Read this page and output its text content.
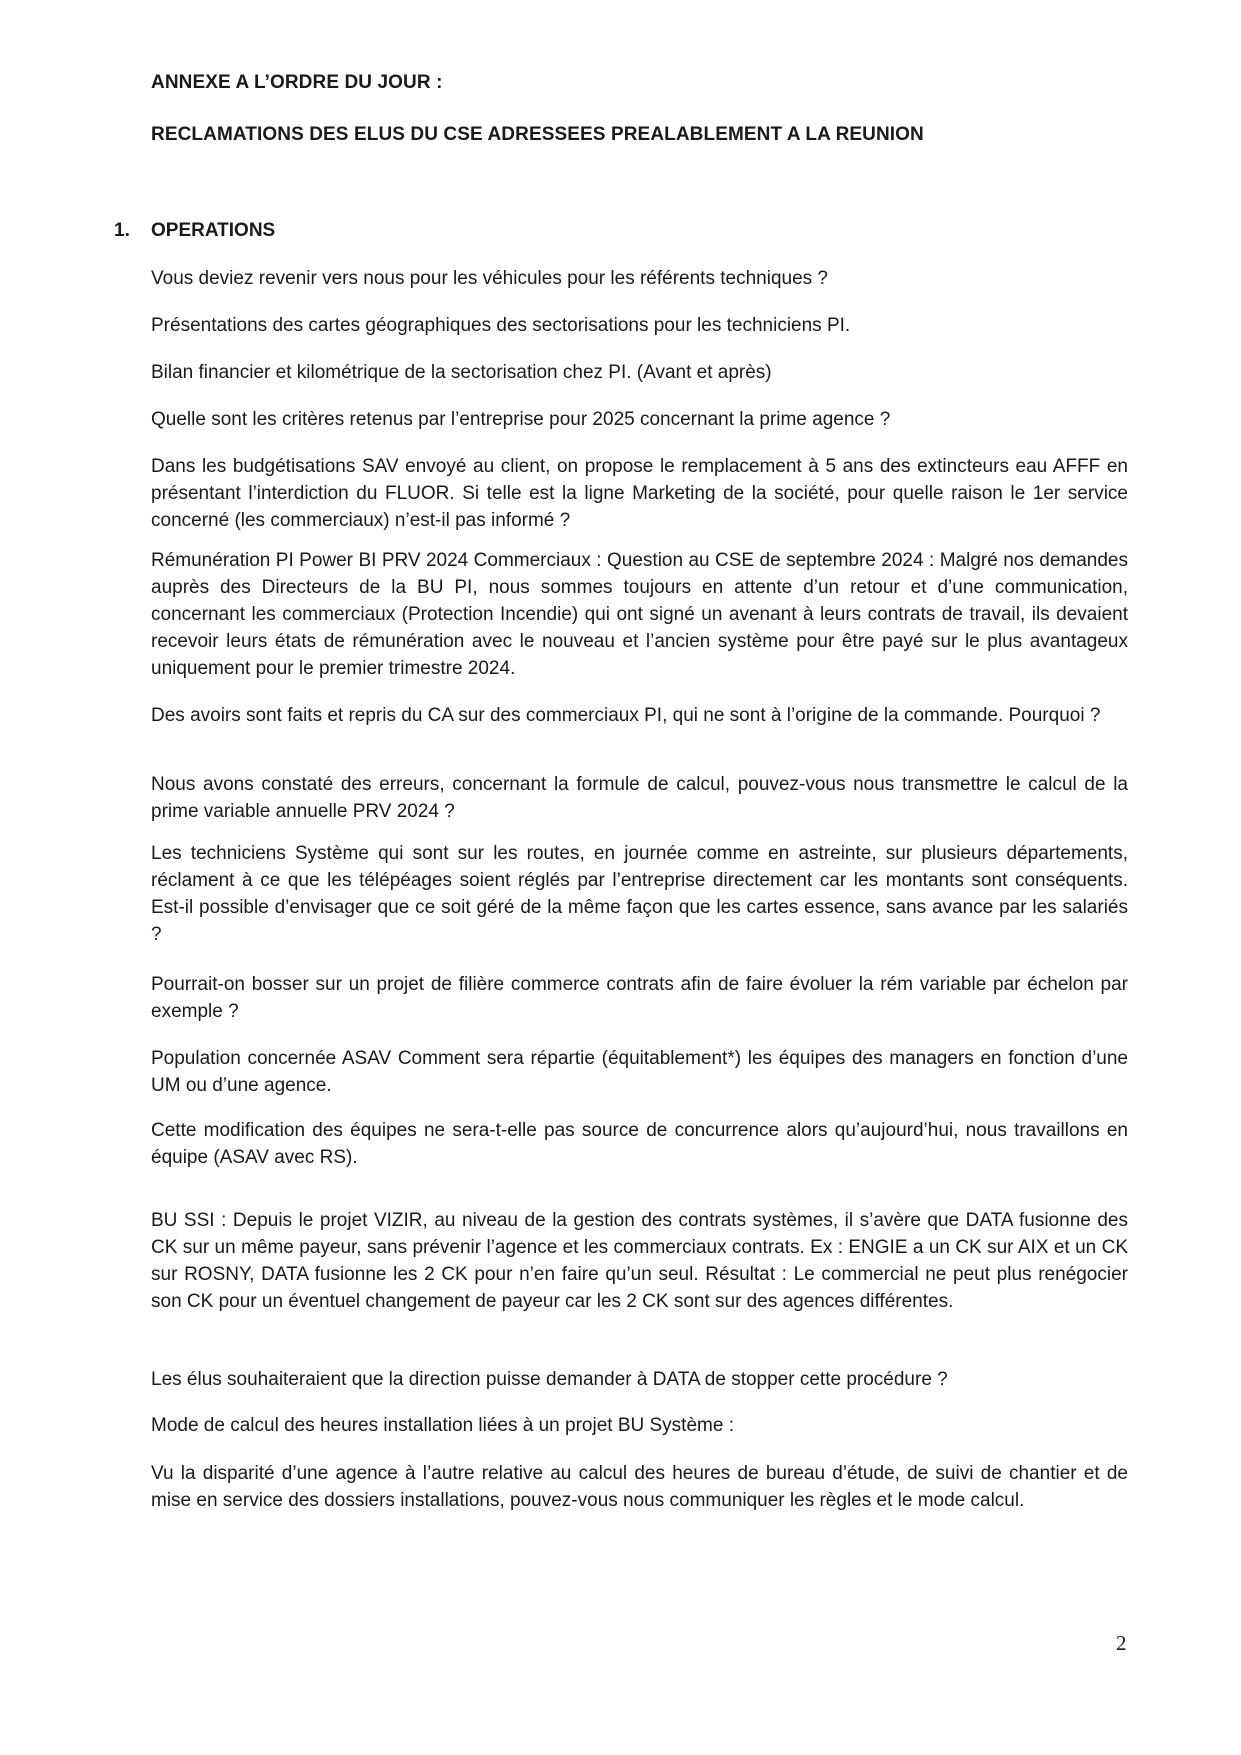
ANNEXE A L’ORDRE DU JOUR :
RECLAMATIONS DES ELUS DU CSE ADRESSEES PREALABLEMENT A LA REUNION
1. OPERATIONS
Vous deviez revenir vers nous pour les véhicules pour les référents techniques ?
Présentations des cartes géographiques des sectorisations pour les techniciens PI.
Bilan financier et kilométrique de la sectorisation chez PI. (Avant et après)
Quelle sont les critères retenus par l’entreprise pour 2025 concernant la prime agence ?
Dans les budgétisations SAV envoyé au client, on propose le remplacement à 5 ans des extincteurs eau AFFF en présentant l’interdiction du FLUOR. Si telle est la ligne Marketing de la société, pour quelle raison le 1er service concerné (les commerciaux) n’est-il pas informé ?
Rémunération PI Power BI PRV 2024 Commerciaux : Question au CSE de septembre 2024 : Malgré nos demandes auprès des Directeurs de la BU PI, nous sommes toujours en attente d’un retour et d’une communication, concernant les commerciaux (Protection Incendie) qui ont signé un avenant à leurs contrats de travail, ils devaient recevoir leurs états de rémunération avec le nouveau et l’ancien système pour être payé sur le plus avantageux uniquement pour le premier trimestre 2024.
Des avoirs sont faits et repris du CA sur des commerciaux PI, qui ne sont à l’origine de la commande. Pourquoi ?
Nous avons constaté des erreurs, concernant la formule de calcul, pouvez-vous nous transmettre le calcul de la prime variable annuelle PRV 2024 ?
Les techniciens Système qui sont sur les routes, en journée comme en astreinte, sur plusieurs départements, réclament à ce que les télépéages soient réglés par l’entreprise directement car les montants sont conséquents. Est-il possible d’envisager que ce soit géré de la même façon que les cartes essence, sans avance par les salariés ?
Pourrait-on bosser sur un projet de filière commerce contrats afin de faire évoluer la rém variable par échelon par exemple ?
Population concernée ASAV Comment sera répartie (équitablement*) les équipes des managers en fonction d’une UM ou d’une agence.
Cette modification des équipes ne sera-t-elle pas source de concurrence alors qu’aujourd’hui, nous travaillons en équipe (ASAV avec RS).
BU SSI : Depuis le projet VIZIR, au niveau de la gestion des contrats systèmes, il s’avère que DATA fusionne des CK sur un même payeur, sans prévenir l’agence et les commerciaux contrats. Ex : ENGIE a un CK sur AIX et un CK sur ROSNY, DATA fusionne les 2 CK pour n’en faire qu’un seul. Résultat : Le commercial ne peut plus renégocier son CK pour un éventuel changement de payeur car les 2 CK sont sur des agences différentes.
Les élus souhaiteraient que la direction puisse demander à DATA de stopper cette procédure ?
Mode de calcul des heures installation liées à un projet BU Système :
Vu la disparité d’une agence à l’autre relative au calcul des heures de bureau d’étude, de suivi de chantier et de mise en service des dossiers installations, pouvez-vous nous communiquer les règles et le mode calcul.
2
